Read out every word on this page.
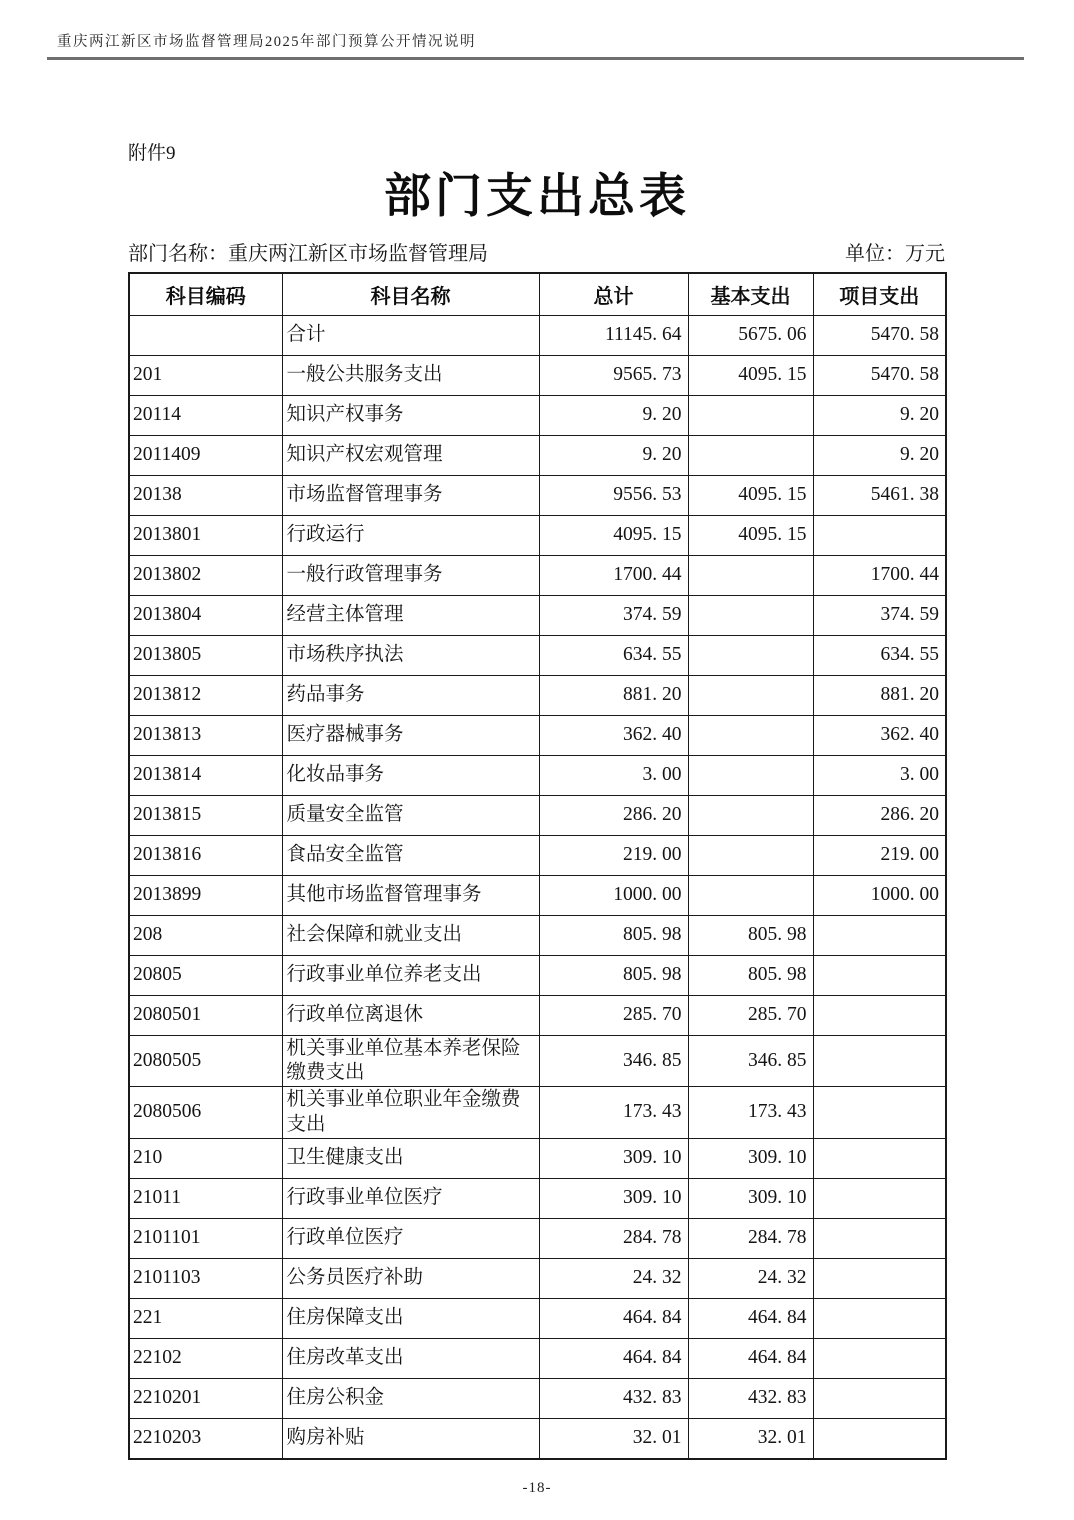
重庆两江新区市场监督管理局2025年部门预算公开情况说明
附件9
部门支出总表
部门名称：重庆两江新区市场监督管理局	单位：万元
科目编码	科目名称	总计	基本支出	项目支出
	合计	11145. 64	5675. 06	5470. 58
201	一般公共服务支出	9565. 73	4095. 15	5470. 58
20114	知识产权事务	9. 20		9. 20
2011409	知识产权宏观管理	9. 20		9. 20
20138	市场监督管理事务	9556. 53	4095. 15	5461. 38
2013801	行政运行	4095. 15	4095. 15	
2013802	一般行政管理事务	1700. 44		1700. 44
2013804	经营主体管理	374. 59		374. 59
2013805	市场秩序执法	634. 55		634. 55
2013812	药品事务	881. 20		881. 20
2013813	医疗器械事务	362. 40		362. 40
2013814	化妆品事务	3. 00		3. 00
2013815	质量安全监管	286. 20		286. 20
2013816	食品安全监管	219. 00		219. 00
2013899	其他市场监督管理事务	1000. 00		1000. 00
208	社会保障和就业支出	805. 98	805. 98	
20805	行政事业单位养老支出	805. 98	805. 98	
2080501	行政单位离退休	285. 70	285. 70	
2080505	机关事业单位基本养老保险缴费支出	346. 85	346. 85	
2080506	机关事业单位职业年金缴费支出	173. 43	173. 43	
210	卫生健康支出	309. 10	309. 10	
21011	行政事业单位医疗	309. 10	309. 10	
2101101	行政单位医疗	284. 78	284. 78	
2101103	公务员医疗补助	24. 32	24. 32	
221	住房保障支出	464. 84	464. 84	
22102	住房改革支出	464. 84	464. 84	
2210201	住房公积金	432. 83	432. 83	
2210203	购房补贴	32. 01	32. 01	
-18-
